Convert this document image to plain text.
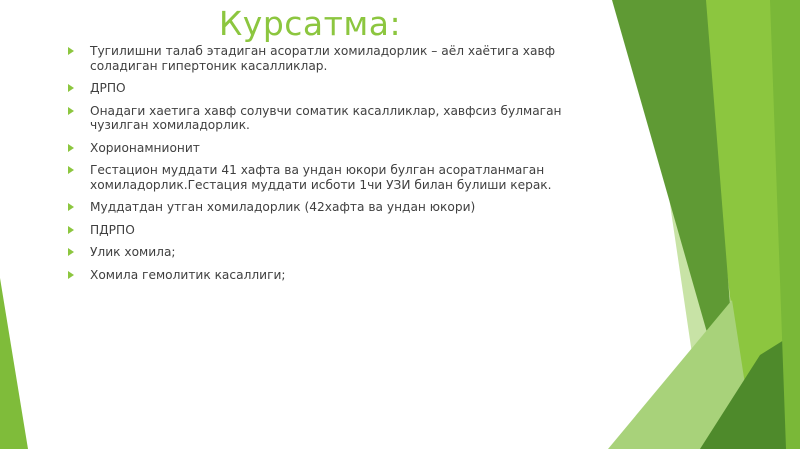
Курсатма:
Тугилишни талаб этадиган асоратли хомиладорлик – аёл хаётига хавф соладиган гипертоник касалликлар.
ДРПО
Онадаги хаетига хавф солувчи соматик касалликлар, хавфсиз булмаган чузилган хомиладорлик.
Хорионамнионит
Гестацион муддати 41 хафта ва ундан юкори булган асоратланмаган хомиладорлик.Гестация муддати исботи 1чи УЗИ билан булиши керак.
Муддатдан утган хомиладорлик (42хафта ва ундан юкори)
ПДРПО
Улик хомила;
Хомила гемолитик касаллиги;
